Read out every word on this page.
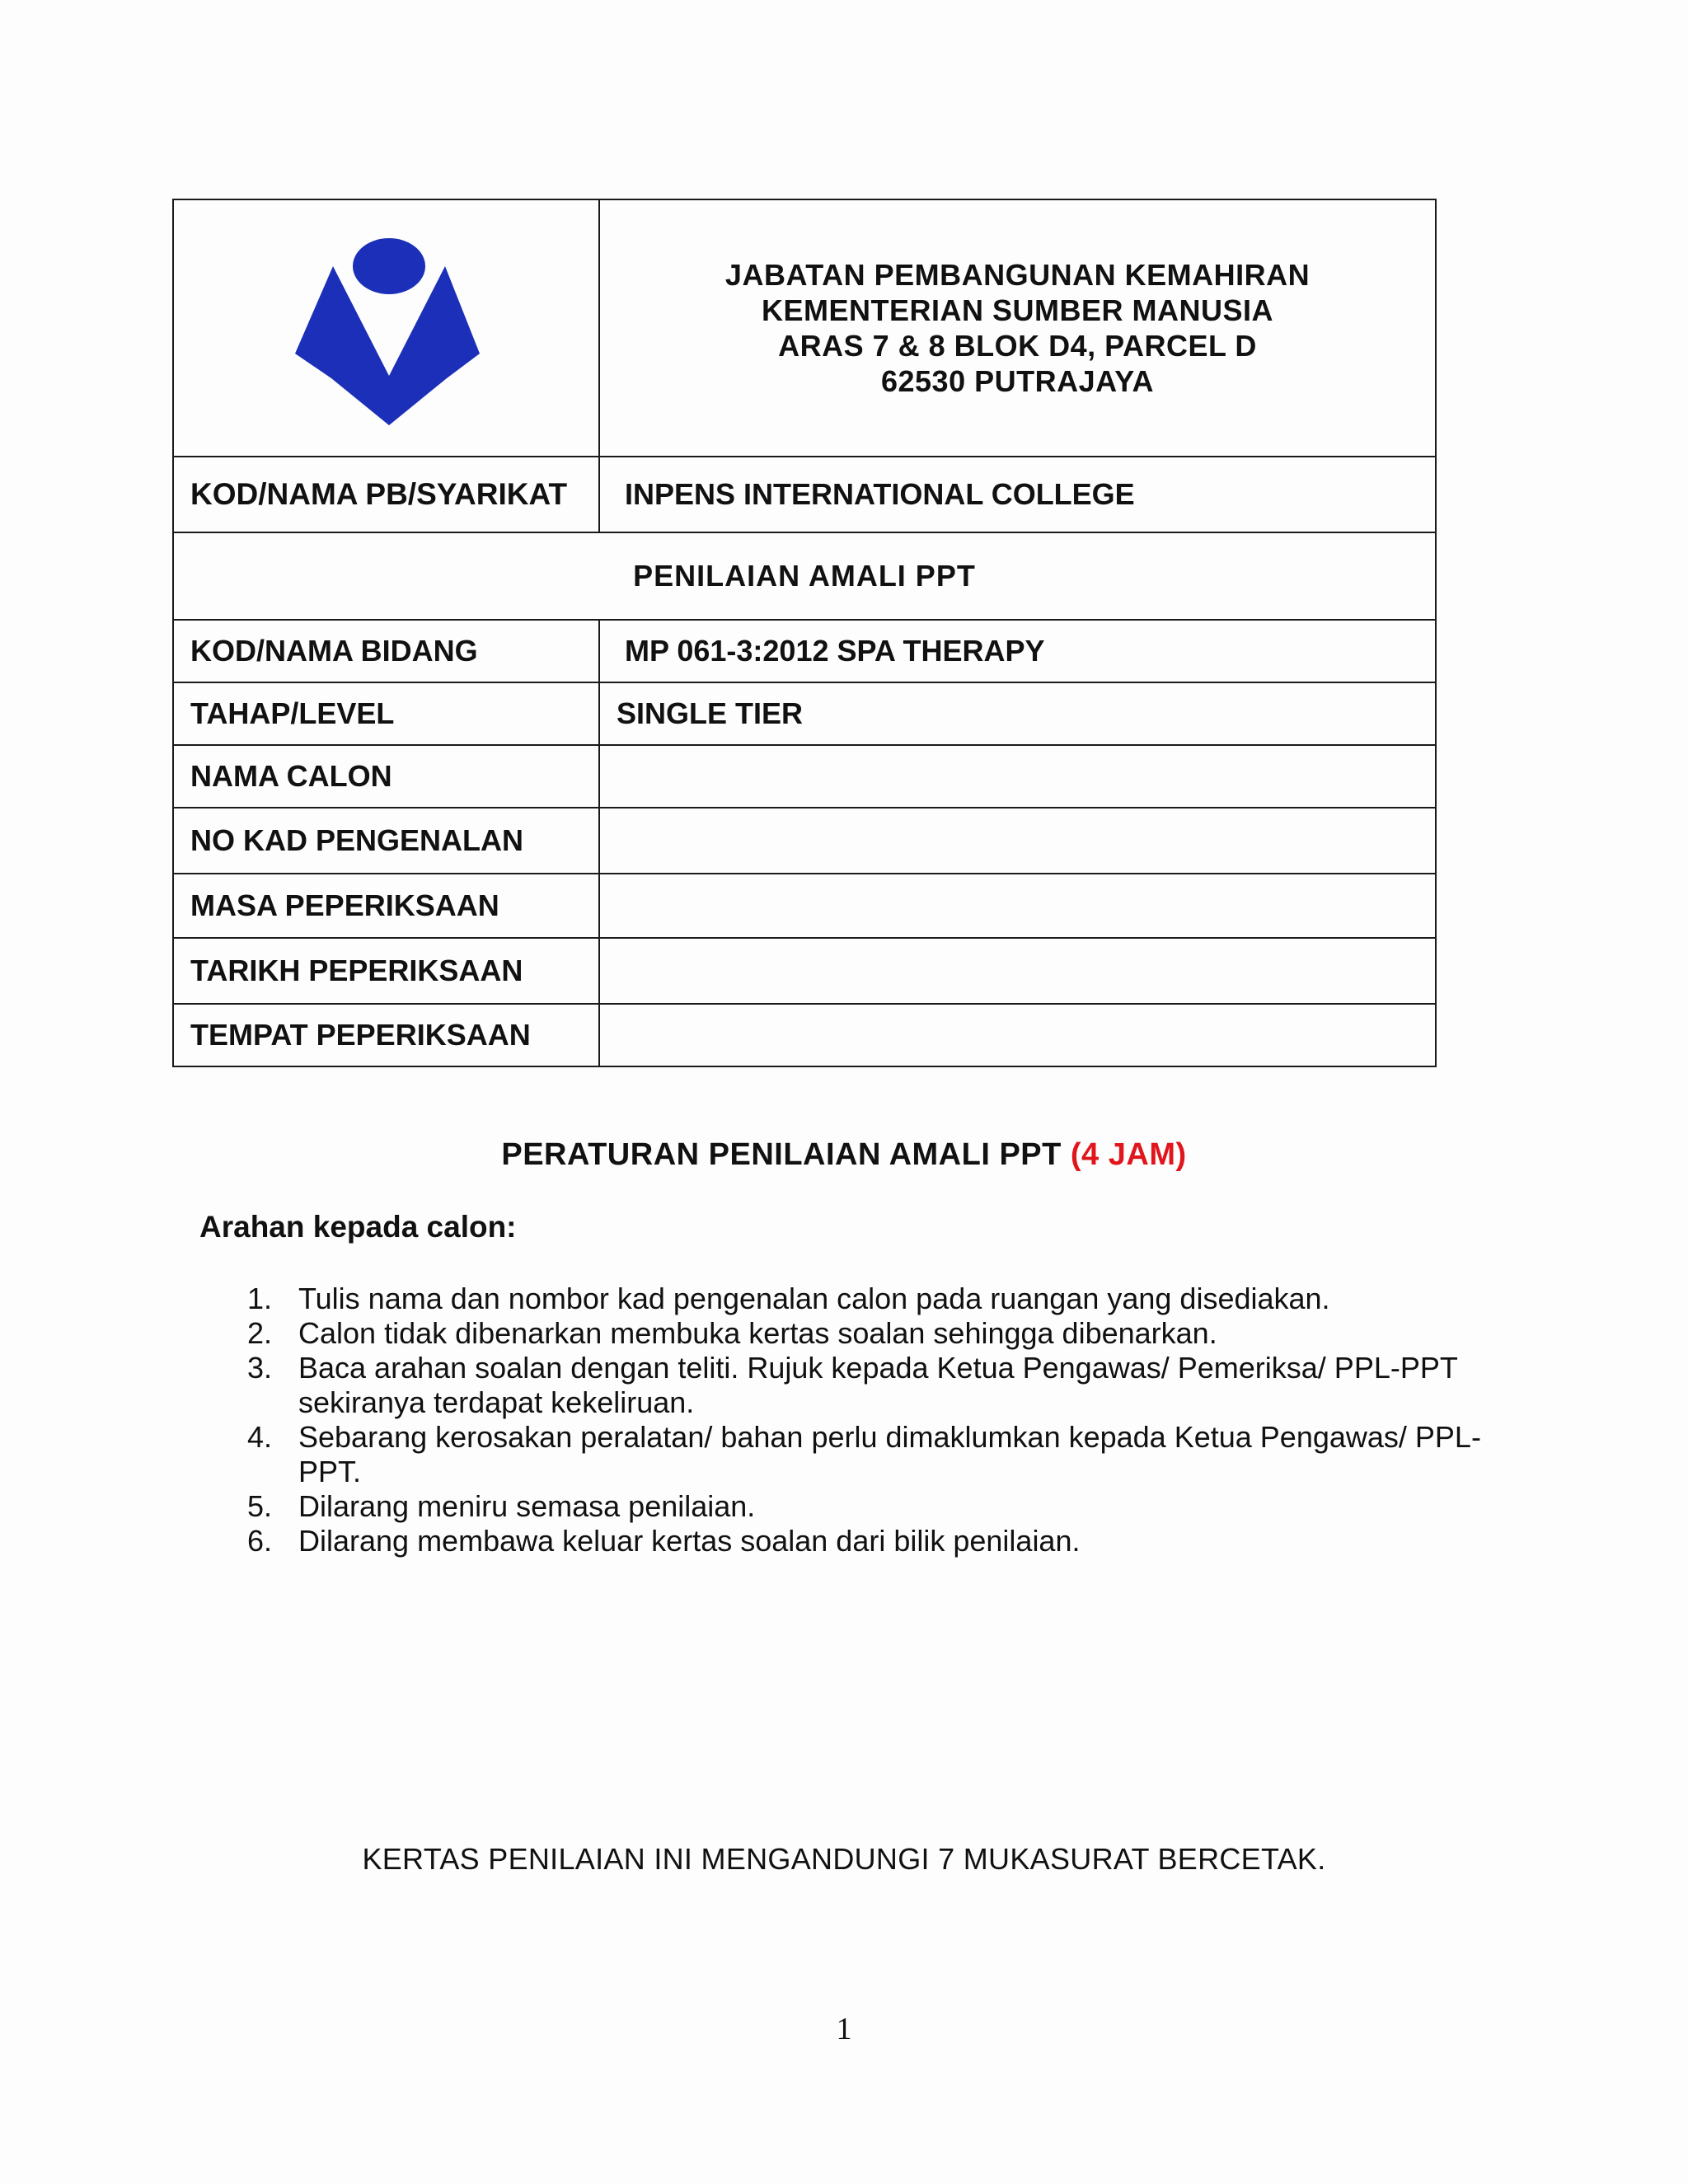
JABATAN PEMBANGUNAN KEMAHIRAN
KEMENTERIAN SUMBER MANUSIA
ARAS 7 & 8 BLOK D4, PARCEL D
62530 PUTRAJAYA

KOD/NAMA PB/SYARIKAT	INPENS INTERNATIONAL COLLEGE
PENILAIAN AMALI PPT	
KOD/NAMA BIDANG	MP 061-3:2012 SPA THERAPY
TAHAP/LEVEL	SINGLE TIER
NAMA CALON	
NO KAD PENGENALAN	
MASA PEPERIKSAAN	
TARIKH PEPERIKSAAN	
TEMPAT PEPERIKSAAN	
PERATURAN PENILAIAN AMALI PPT (4 JAM)
Arahan kepada calon:
1. Tulis nama dan nombor kad pengenalan calon pada ruangan yang disediakan.
2. Calon tidak dibenarkan membuka kertas soalan sehingga dibenarkan.
3. Baca arahan soalan dengan teliti. Rujuk kepada Ketua Pengawas/ Pemeriksa/ PPL-PPT sekiranya terdapat kekeliruan.
4. Sebarang kerosakan peralatan/ bahan perlu dimaklumkan kepada Ketua Pengawas/ PPL-PPT.
5. Dilarang meniru semasa penilaian.
6. Dilarang membawa keluar kertas soalan dari bilik penilaian.
KERTAS PENILAIAN INI MENGANDUNGI 7 MUKASURAT BERCETAK.
1
